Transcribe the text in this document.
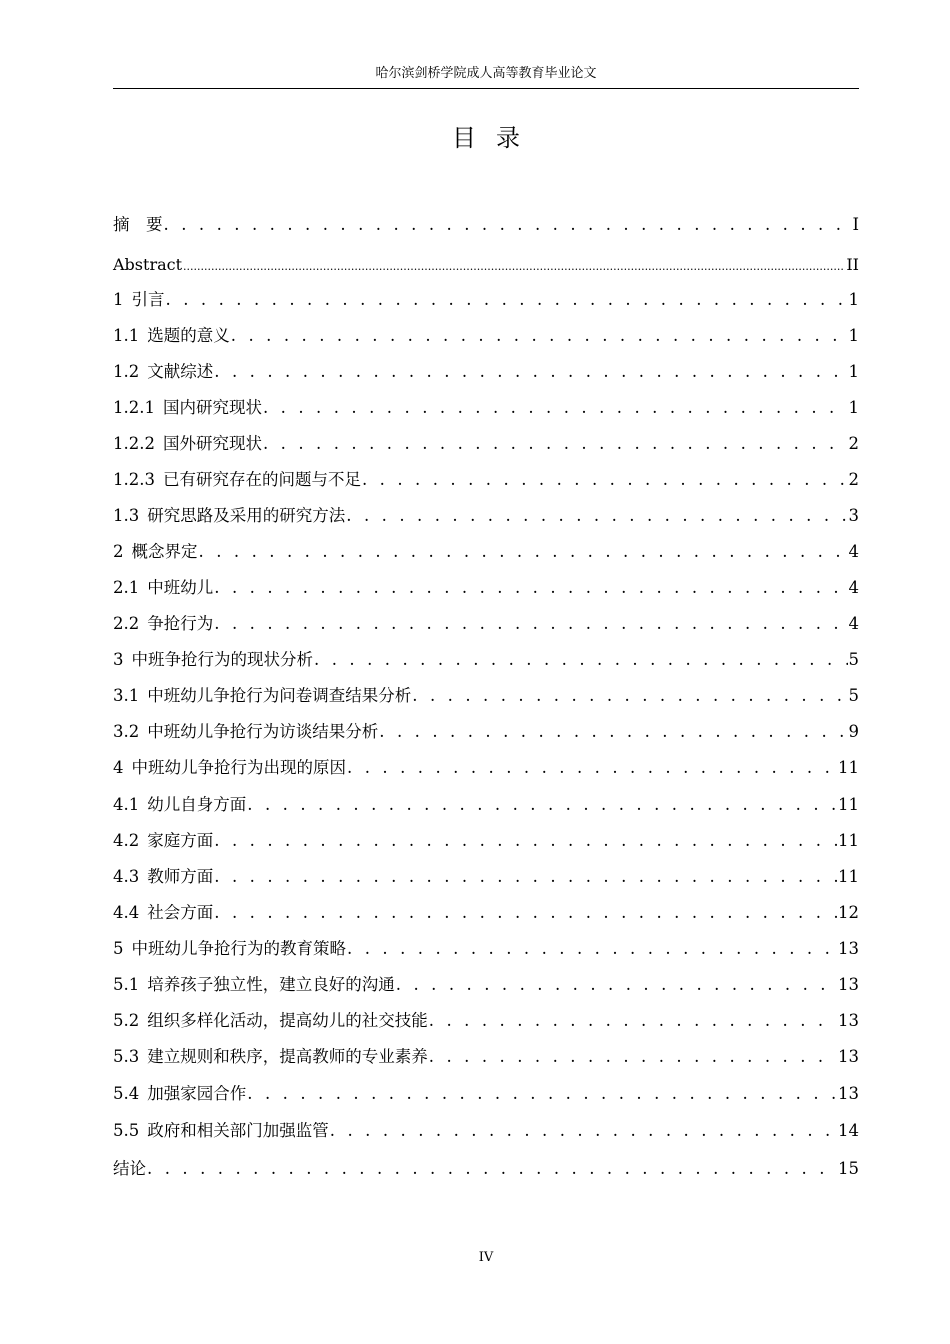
哈尔滨剑桥学院成人高等教育毕业论文
目录
摘　要 . . .	I
Abstract .....	II
1 引言 . . .	1
1.1 选题的意义 . . .	1
1.2 文献综述 . . .	1
1.2.1 国内研究现状 . . .	1
1.2.2 国外研究现状 . . .	2
1.2.3 已有研究存在的问题与不足 . . .	2
1.3 研究思路及采用的研究方法 . . .	3
2 概念界定 . . .	4
2.1 中班幼儿 . . .	4
2.2 争抢行为 . . .	4
3 中班争抢行为的现状分析 . . .	5
3.1 中班幼儿争抢行为问卷调查结果分析 . . .	5
3.2 中班幼儿争抢行为访谈结果分析 . . .	9
4 中班幼儿争抢行为出现的原因 . . .	11
4.1 幼儿自身方面 . . .	11
4.2 家庭方面 . . .	11
4.3 教师方面 . . .	11
4.4 社会方面 . . .	12
5 中班幼儿争抢行为的教育策略 . . .	13
5.1 培养孩子独立性，建立良好的沟通 . . .	13
5.2 组织多样化活动，提高幼儿的社交技能 . . .	13
5.3 建立规则和秩序，提高教师的专业素养 . . .	13
5.4 加强家园合作 . . .	13
5.5 政府和相关部门加强监管 . . .	14
结论 . . .	15
IV
